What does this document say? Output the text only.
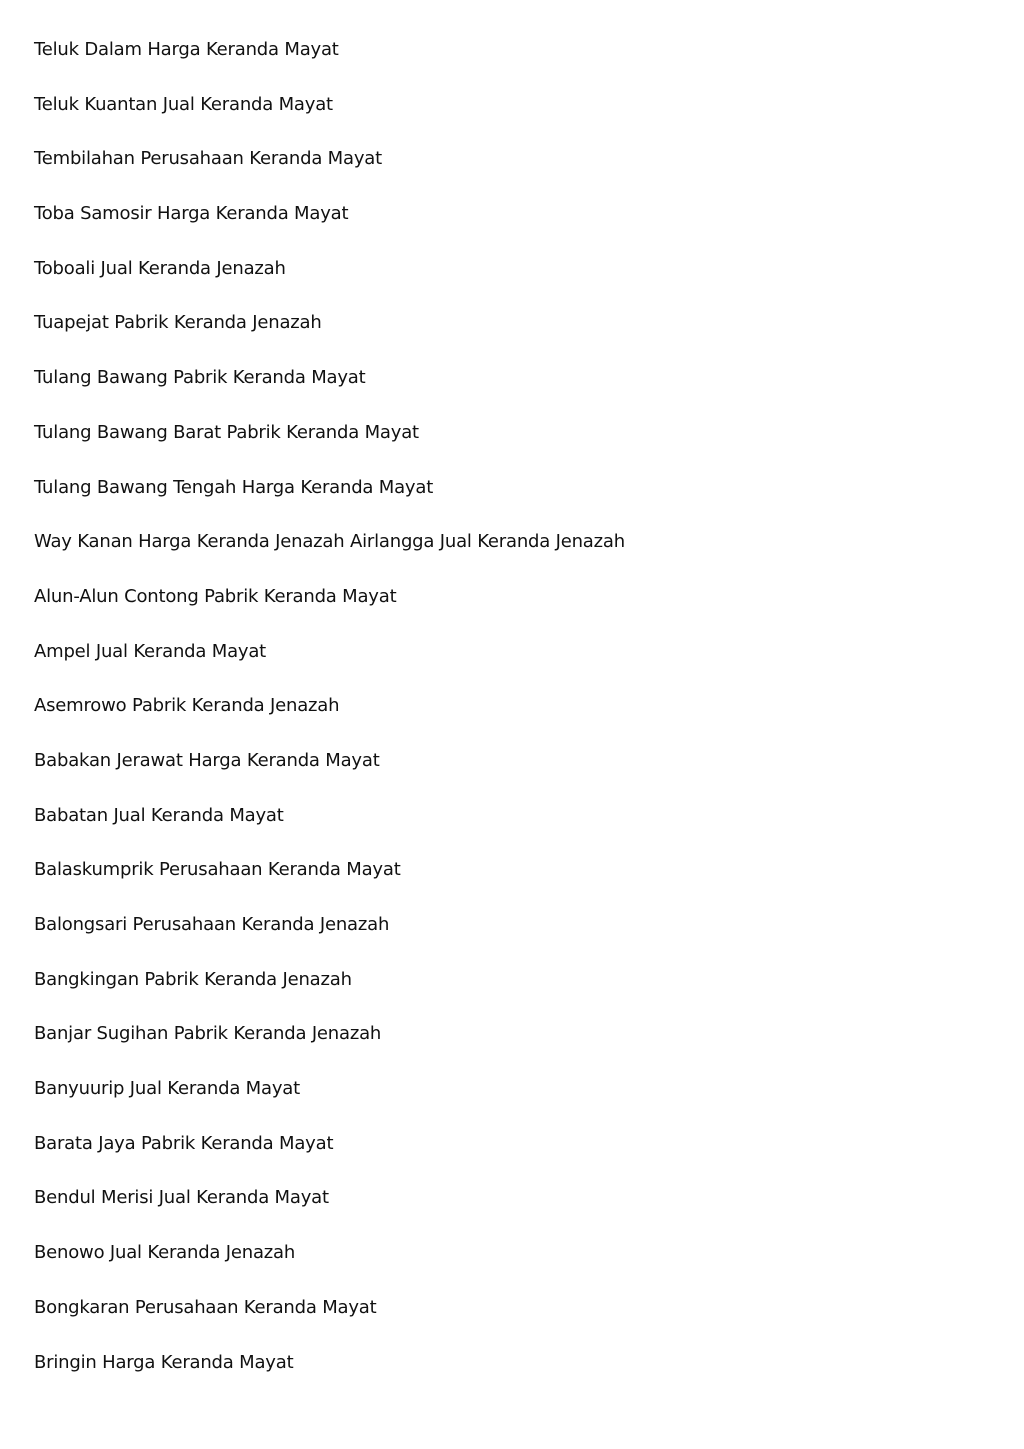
Teluk Dalam Harga Keranda Mayat
Teluk Kuantan Jual Keranda Mayat
Tembilahan Perusahaan Keranda Mayat
Toba Samosir Harga Keranda Mayat
Toboali Jual Keranda Jenazah
Tuapejat Pabrik Keranda Jenazah
Tulang Bawang Pabrik Keranda Mayat
Tulang Bawang Barat Pabrik Keranda Mayat
Tulang Bawang Tengah Harga Keranda Mayat
Way Kanan Harga Keranda Jenazah Airlangga Jual Keranda Jenazah
Alun-Alun Contong Pabrik Keranda Mayat
Ampel Jual Keranda Mayat
Asemrowo Pabrik Keranda Jenazah
Babakan Jerawat Harga Keranda Mayat
Babatan Jual Keranda Mayat
Balaskumprik Perusahaan Keranda Mayat
Balongsari Perusahaan Keranda Jenazah
Bangkingan Pabrik Keranda Jenazah
Banjar Sugihan Pabrik Keranda Jenazah
Banyuurip Jual Keranda Mayat
Barata Jaya Pabrik Keranda Mayat
Bendul Merisi Jual Keranda Mayat
Benowo Jual Keranda Jenazah
Bongkaran Perusahaan Keranda Mayat
Bringin Harga Keranda Mayat
